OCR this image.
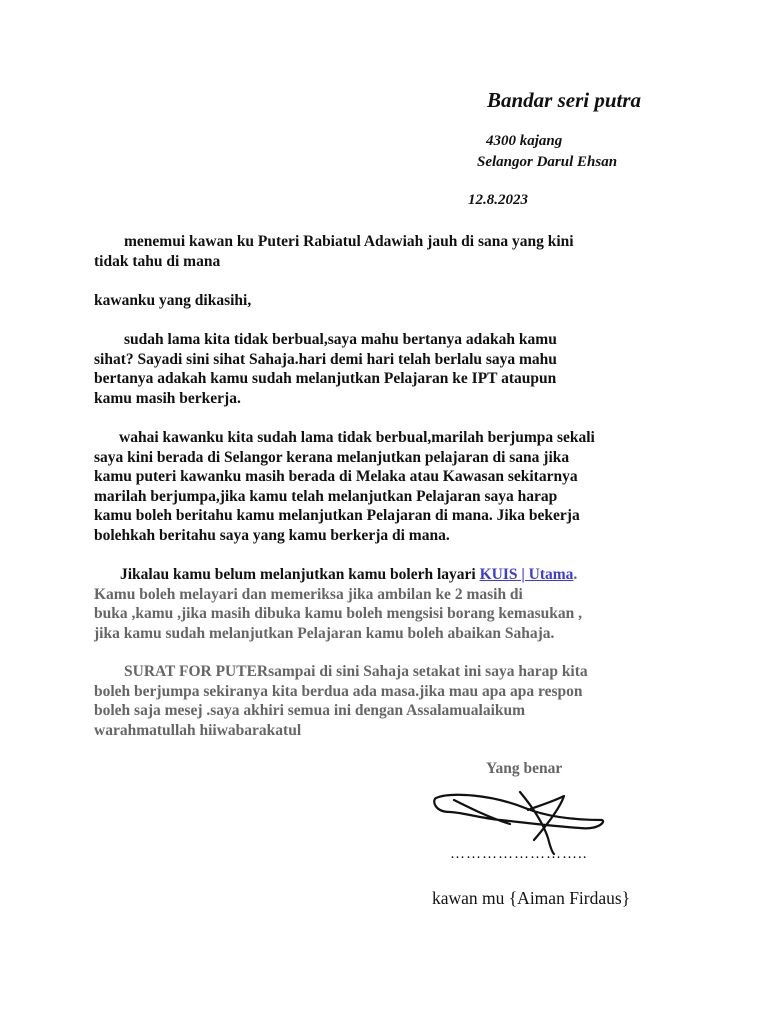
Bandar seri putra
4300 kajang
Selangor Darul Ehsan
12.8.2023
menemui kawan ku Puteri Rabiatul Adawiah jauh di sana yang kini
tidak tahu di mana
kawanku yang dikasihi,
sudah lama kita tidak berbual,saya mahu bertanya adakah kamu
sihat? Sayadi sini sihat Sahaja.hari demi hari telah berlalu saya mahu
bertanya adakah kamu sudah melanjutkan Pelajaran ke IPT ataupun
kamu masih berkerja.
wahai kawanku kita sudah lama tidak berbual,marilah berjumpa sekali
saya kini berada di Selangor kerana melanjutkan pelajaran di sana jika
kamu puteri kawanku masih berada di Melaka atau Kawasan sekitarnya
marilah berjumpa,jika kamu telah melanjutkan Pelajaran saya harap
kamu boleh beritahu kamu melanjutkan Pelajaran di mana. Jika bekerja
bolehkah beritahu saya yang kamu berkerja di mana.
Jikalau kamu belum melanjutkan kamu bolerh layari KUIS | Utama.
Kamu boleh melayari dan memeriksa jika ambilan ke 2 masih di
buka ,kamu ,jika masih dibuka kamu boleh mengsisi borang kemasukan ,
jika kamu sudah melanjutkan Pelajaran kamu boleh abaikan Sahaja.
SURAT FOR PUTERsampai di sini Sahaja setakat ini saya harap kita
boleh berjumpa sekiranya kita berdua ada masa.jika mau apa apa respon
boleh saja mesej .saya akhiri semua ini dengan Assalamualaikum
warahmatullah hiiwabarakatul
Yang benar
……………………..
kawan mu {Aiman Firdaus}
